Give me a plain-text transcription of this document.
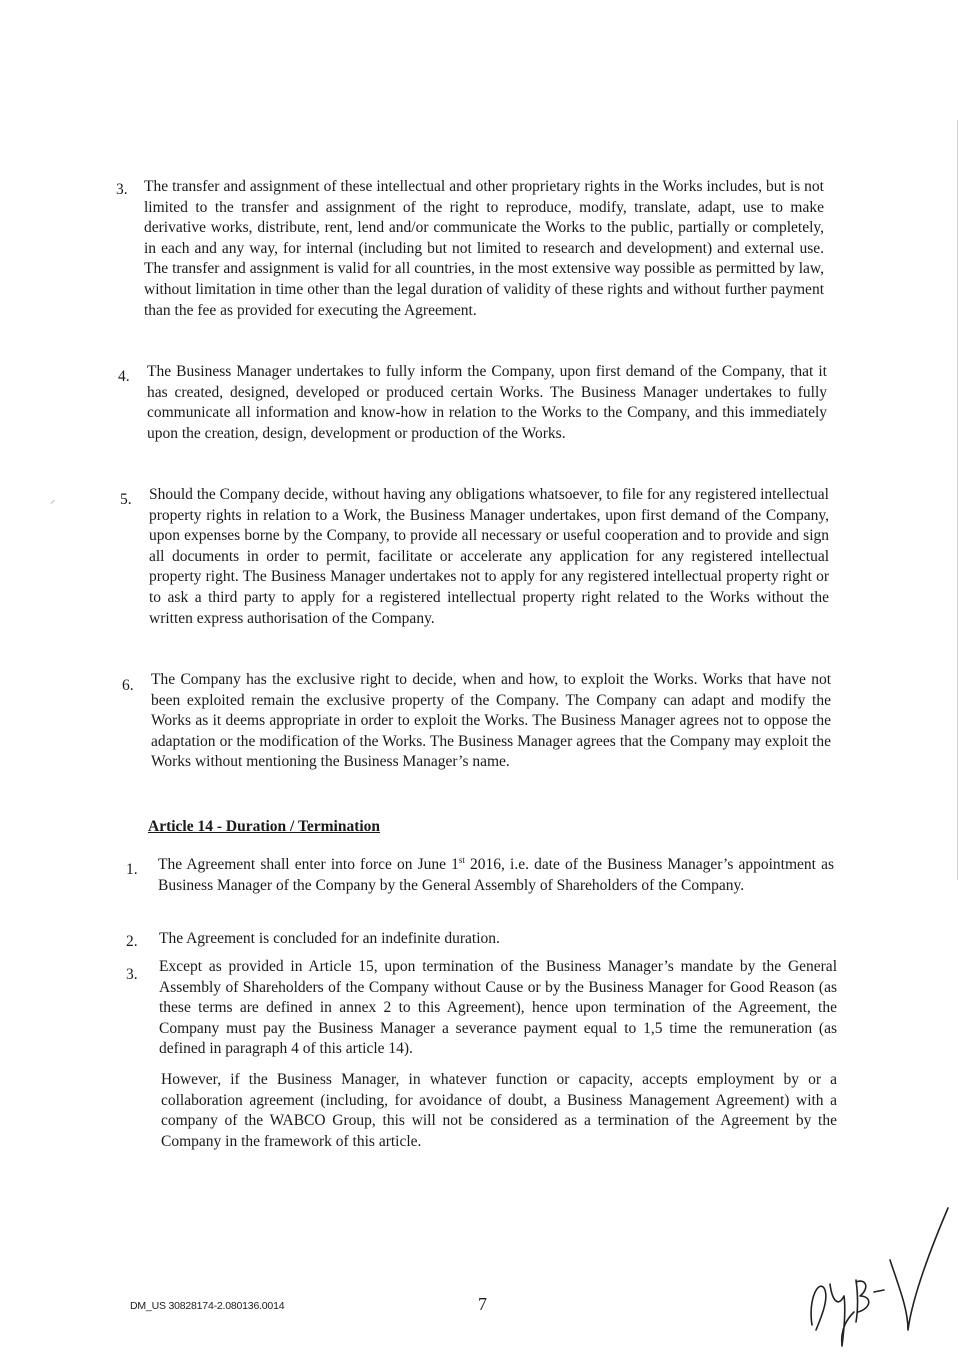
3. The transfer and assignment of these intellectual and other proprietary rights in the Works includes, but is not limited to the transfer and assignment of the right to reproduce, modify, translate, adapt, use to make derivative works, distribute, rent, lend and/or communicate the Works to the public, partially or completely, in each and any way, for internal (including but not limited to research and development) and external use. The transfer and assignment is valid for all countries, in the most extensive way possible as permitted by law, without limitation in time other than the legal duration of validity of these rights and without further payment than the fee as provided for executing the Agreement.
4. The Business Manager undertakes to fully inform the Company, upon first demand of the Company, that it has created, designed, developed or produced certain Works. The Business Manager undertakes to fully communicate all information and know-how in relation to the Works to the Company, and this immediately upon the creation, design, development or production of the Works.
5. Should the Company decide, without having any obligations whatsoever, to file for any registered intellectual property rights in relation to a Work, the Business Manager undertakes, upon first demand of the Company, upon expenses borne by the Company, to provide all necessary or useful cooperation and to provide and sign all documents in order to permit, facilitate or accelerate any application for any registered intellectual property right. The Business Manager undertakes not to apply for any registered intellectual property right or to ask a third party to apply for a registered intellectual property right related to the Works without the written express authorisation of the Company.
6. The Company has the exclusive right to decide, when and how, to exploit the Works. Works that have not been exploited remain the exclusive property of the Company. The Company can adapt and modify the Works as it deems appropriate in order to exploit the Works. The Business Manager agrees not to oppose the adaptation or the modification of the Works. The Business Manager agrees that the Company may exploit the Works without mentioning the Business Manager’s name.
Article 14 - Duration / Termination
1. The Agreement shall enter into force on June 1st 2016, i.e. date of the Business Manager’s appointment as Business Manager of the Company by the General Assembly of Shareholders of the Company.
2. The Agreement is concluded for an indefinite duration.
3. Except as provided in Article 15, upon termination of the Business Manager’s mandate by the General Assembly of Shareholders of the Company without Cause or by the Business Manager for Good Reason (as these terms are defined in annex 2 to this Agreement), hence upon termination of the Agreement, the Company must pay the Business Manager a severance payment equal to 1,5 time the remuneration (as defined in paragraph 4 of this article 14).
However, if the Business Manager, in whatever function or capacity, accepts employment by or a collaboration agreement (including, for avoidance of doubt, a Business Management Agreement) with a company of the WABCO Group, this will not be considered as a termination of the Agreement by the Company in the framework of this article.
DM_US 30828174-2.080136.0014	7
⸝
